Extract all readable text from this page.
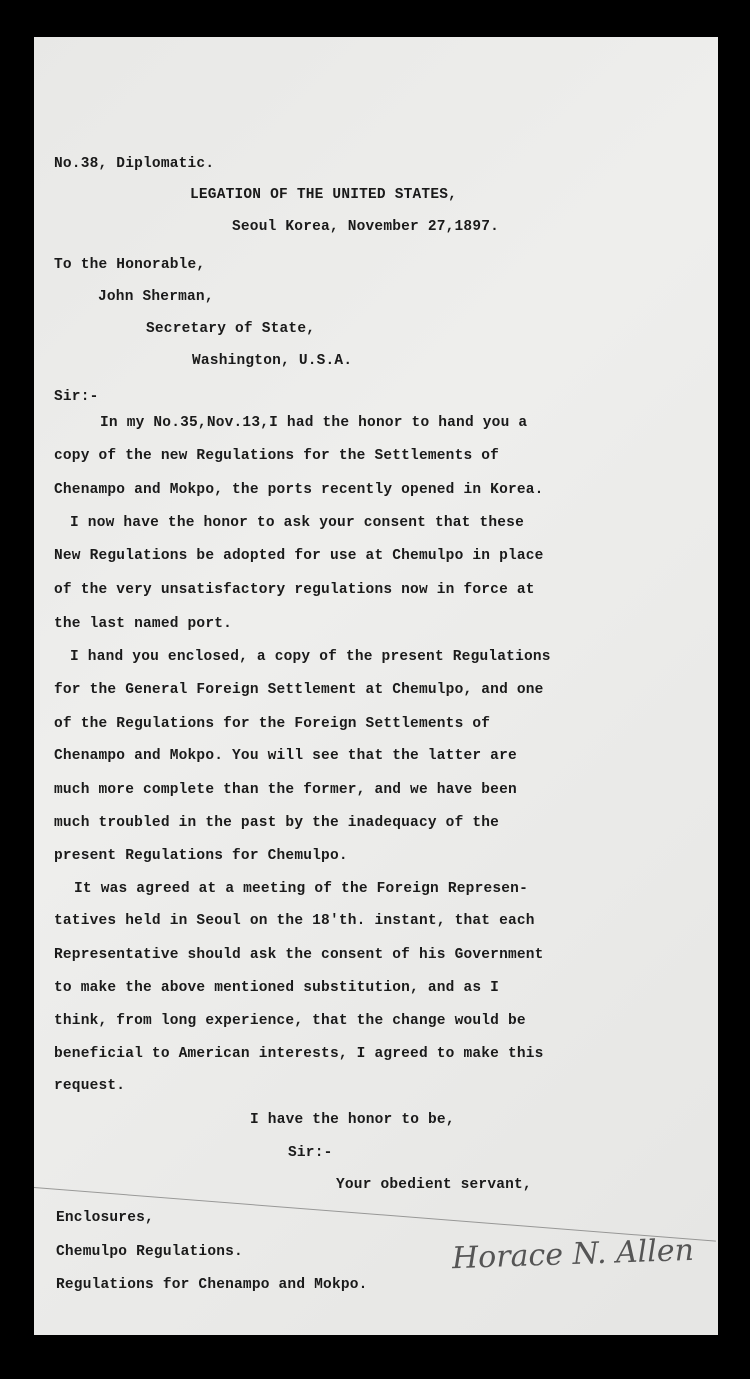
No.38, Diplomatic.
LEGATION OF THE UNITED STATES,
Seoul Korea, November 27,1897.
To the Honorable,
John Sherman,
Secretary of State,
Washington, U.S.A.
Sir:-
In my No.35,Nov.13,I had the honor to hand you a
copy of the new Regulations for the Settlements of
Chenampo and Mokpo, the ports recently opened in Korea.
I now have the honor to ask your consent that these
New Regulations be adopted for use at Chemulpo in place
of the very unsatisfactory regulations now in force at
the last named port.
I hand you enclosed, a copy of the present Regulations
for the General Foreign Settlement at Chemulpo, and one
of the Regulations for the Foreign Settlements of
Chenampo and Mokpo. You will see that the latter are
much more complete than the former, and we have been
much troubled in the past by the inadequacy of the
present Regulations for Chemulpo.
It was agreed at a meeting of the Foreign Represen-
tatives held in Seoul on the 18'th. instant, that each
Representative should ask the consent of his Government
to make the above mentioned substitution, and as I
think, from long experience, that the change would be
beneficial to American interests, I agreed to make this
request.
I have the honor to be,
Sir:-
Your obedient servant,
Horace N. Allen
Enclosures,
Chemulpo Regulations.
Regulations for Chenampo and Mokpo.
